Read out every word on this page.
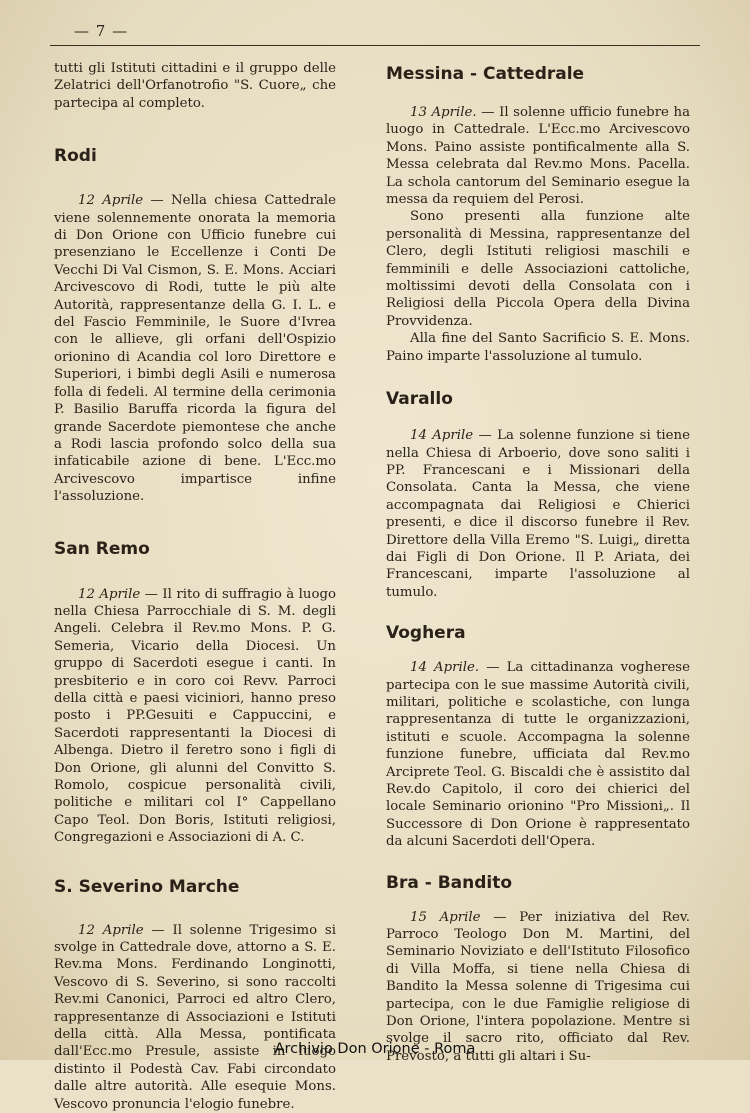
— 7 —

tutti gli Istituti cittadini e il gruppo delle Zelatrici dell'Orfanotrofio "S. Cuore„ che partecipa al completo.

Rodi

12 Aprile — Nella chiesa Cattedrale viene solennemente onorata la memoria di Don Orione con Ufficio funebre cui presenziano le Eccellenze i Conti De Vecchi Di Val Cismon, S. E. Mons. Acciari Arcivescovo di Rodi, tutte le più alte Autorità, rappresentanze della G. I. L. e del Fascio Femminile, le Suore d'Ivrea con le allieve, gli orfani dell'Ospizio orionino di Acandia col loro Direttore e Superiori, i bimbi degli Asili e numerosa folla di fedeli. Al termine della cerimonia P. Basilio Baruffa ricorda la figura del grande Sacerdote piemontese che anche a Rodi lascia profondo solco della sua infaticabile azione di bene. L'Ecc.mo Arcivescovo impartisce infine l'assoluzione.

San Remo

12 Aprile — Il rito di suffragio à luogo nella Chiesa Parrocchiale di S. M. degli Angeli. Celebra il Rev.mo Mons. P. G. Semeria, Vicario della Diocesi. Un gruppo di Sacerdoti esegue i canti. In presbiterio e in coro coi Revv. Parroci della città e paesi viciniori, hanno preso posto i PP.Gesuiti e Cappuccini, e Sacerdoti rappresentanti la Diocesi di Albenga. Dietro il feretro sono i figli di Don Orione, gli alunni del Convitto S. Romolo, cospicue personalità civili, politiche e militari col I° Cappellano Capo Teol. Don Boris, Istituti religiosi, Congregazioni e Associazioni di A. C.

S. Severino Marche

12 Aprile — Il solenne Trigesimo si svolge in Cattedrale dove, attorno a S. E. Rev.ma Mons. Ferdinando Longinotti, Vescovo di S. Severino, si sono raccolti Rev.mi Canonici, Parroci ed altro Clero, rappresentanze di Associazioni e Istituti della città. Alla Messa, pontificata dall'Ecc.mo Presule, assiste in luogo distinto il Podestà Cav. Fabi circondato dalle altre autorità. Alle esequie Mons. Vescovo pronuncia l'elogio funebre.

Messina - Cattedrale

13 Aprile. — Il solenne ufficio funebre ha luogo in Cattedrale. L'Ecc.mo Arcivescovo Mons. Paino assiste pontificalmente alla S. Messa celebrata dal Rev.mo Mons. Pacella. La schola cantorum del Seminario esegue la messa da requiem del Perosi.

Sono presenti alla funzione alte personalità di Messina, rappresentanze del Clero, degli Istituti religiosi maschili e femminili e delle Associazioni cattoliche, moltissimi devoti della Consolata con i Religiosi della Piccola Opera della Divina Provvidenza.

Alla fine del Santo Sacrificio S. E. Mons. Paino imparte l'assoluzione al tumulo.

Varallo

14 Aprile — La solenne funzione si tiene nella Chiesa di Arboerio, dove sono saliti i PP. Francescani e i Missionari della Consolata. Canta la Messa, che viene accompagnata dai Religiosi e Chierici presenti, e dice il discorso funebre il Rev. Direttore della Villa Eremo "S. Luigi„ diretta dai Figli di Don Orione. Il P. Ariata, dei Francescani, imparte l'assoluzione al tumulo.

Voghera

14 Aprile. — La cittadinanza vogherese partecipa con le sue massime Autorità civili, militari, politiche e scolastiche, con lunga rappresentanza di tutte le organizzazioni, istituti e scuole. Accompagna la solenne funzione funebre, ufficiata dal Rev.mo Arciprete Teol. G. Biscaldi che è assistito dal Rev.do Capitolo, il coro dei chierici del locale Seminario orionino "Pro Missioni„. Il Successore di Don Orione è rappresentato da alcuni Sacerdoti dell'Opera.

Bra - Bandito

15 Aprile — Per iniziativa del Rev. Parroco Teologo Don M. Martini, del Seminario Noviziato e dell'Istituto Filosofico di Villa Moffa, si tiene nella Chiesa di Bandito la Messa solenne di Trigesima cui partecipa, con le due Famiglie religiose di Don Orione, l'intera popolazione. Mentre si svolge il sacro rito, officiato dal Rev. Prevosto, a tutti gli altari i Su-

Archivio Don Orione - Roma
